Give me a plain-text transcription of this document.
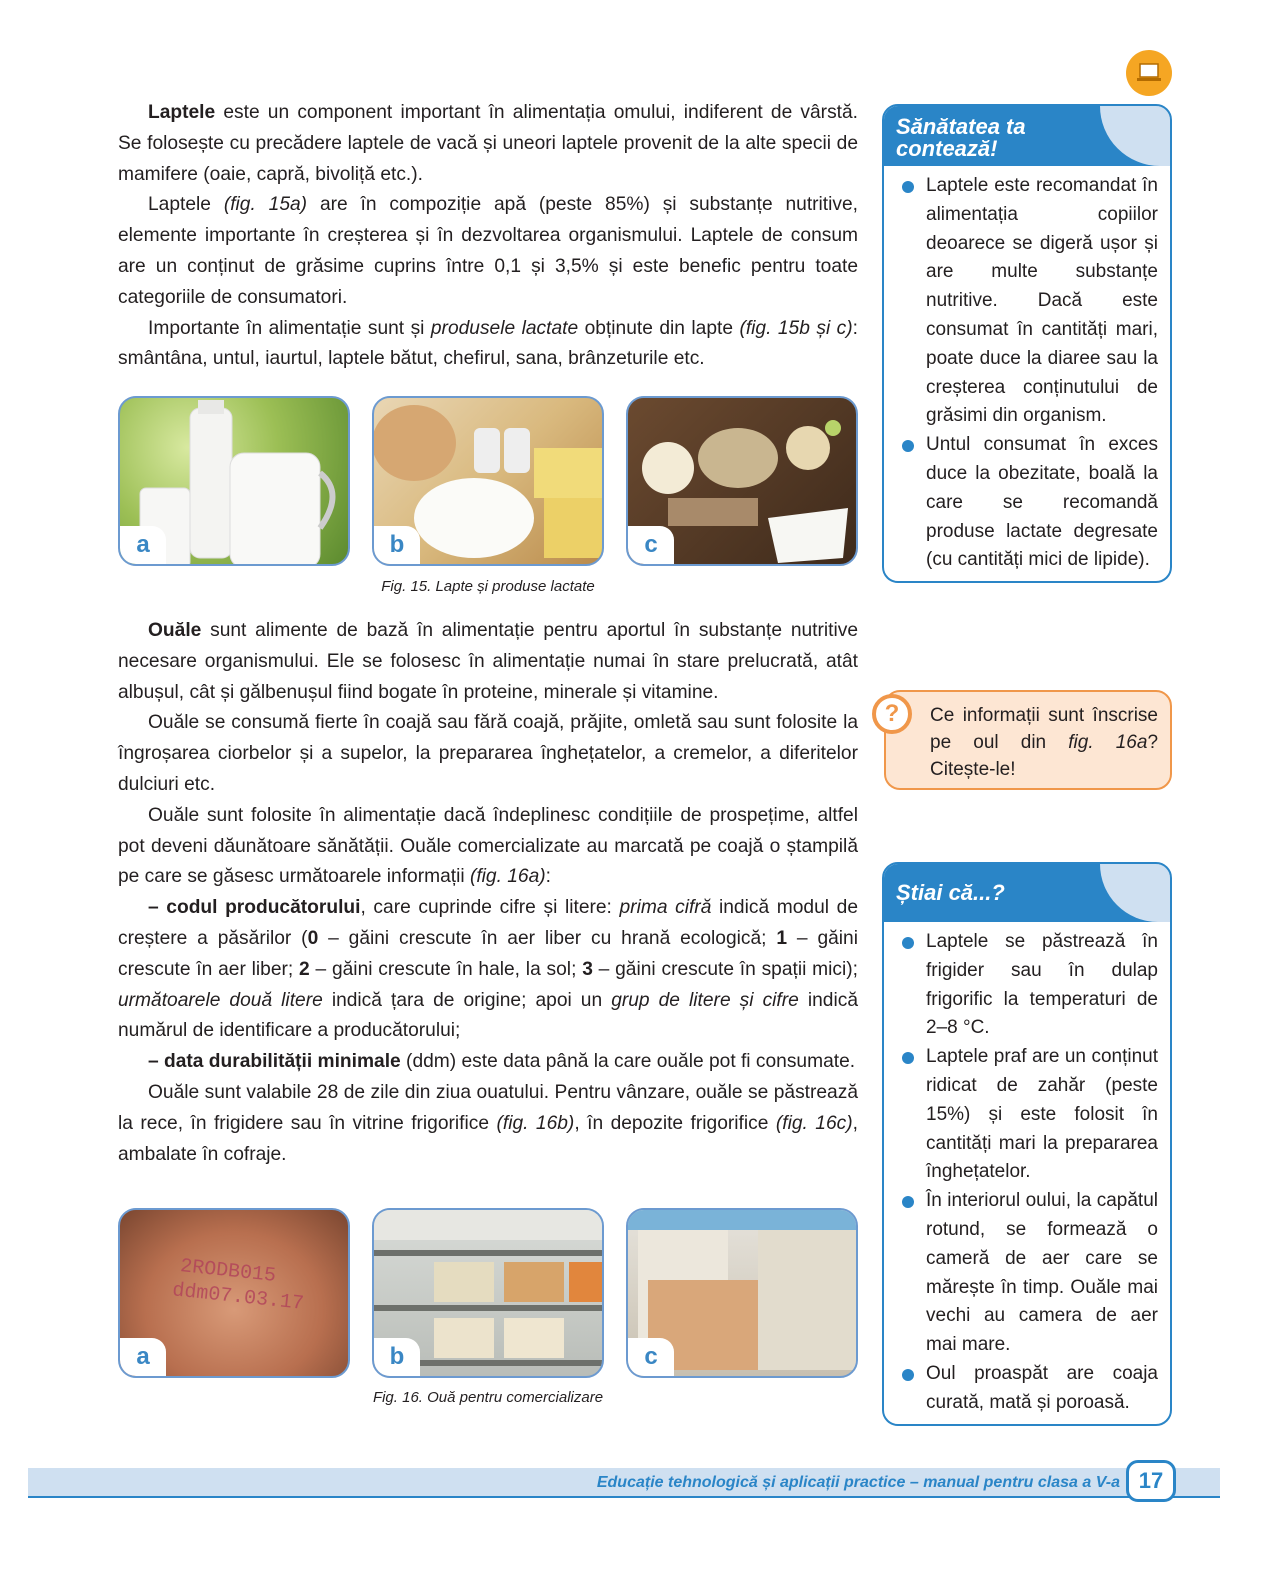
Laptele este un component important în alimentația omului, indiferent de vârstă. Se folosește cu precădere laptele de vacă și uneori laptele provenit de la alte specii de mamifere (oaie, capră, bivoliță etc.).

Laptele (fig. 15a) are în compoziție apă (peste 85%) și substanțe nutritive, elemente importante în creșterea și în dezvoltarea organismului. Laptele de consum are un conținut de grăsime cuprins între 0,1 și 3,5% și este benefic pentru toate categoriile de consumatori.

Importante în alimentație sunt și produsele lactate obținute din lapte (fig. 15b și c): smântâna, untul, iaurtul, laptele bătut, chefirul, sana, brânzeturile etc.

a	b	c
Fig. 15. Lapte și produse lactate

Ouăle sunt alimente de bază în alimentație pentru aportul în substanțe nutritive necesare organismului. Ele se folosesc în alimentație numai în stare prelucrată, atât albușul, cât și gălbenușul fiind bogate în proteine, minerale și vitamine.

Ouăle se consumă fierte în coajă sau fără coajă, prăjite, omletă sau sunt folosite la îngroșarea ciorbelor și a supelor, la prepararea înghețatelor, a cremelor, a diferitelor dulciuri etc.

Ouăle sunt folosite în alimentație dacă îndeplinesc condițiile de prospețime, altfel pot deveni dăunătoare sănătății. Ouăle comercializate au marcată pe coajă o ștampilă pe care se găsesc următoarele informații (fig. 16a):

– codul producătorului, care cuprinde cifre și litere: prima cifră indică modul de creștere a păsărilor (0 – găini crescute în aer liber cu hrană ecologică; 1 – găini crescute în aer liber; 2 – găini crescute în hale, la sol; 3 – găini crescute în spații mici); următoarele două litere indică țara de origine; apoi un grup de litere și cifre indică numărul de identificare a producătorului;

– data durabilității minimale (ddm) este data până la care ouăle pot fi consumate.

Ouăle sunt valabile 28 de zile din ziua ouatului. Pentru vânzare, ouăle se păstrează la rece, în frigidere sau în vitrine frigorifice (fig. 16b), în depozite frigorifice (fig. 16c), ambalate în cofraje.

2RODB015
ddm07.03.17
a	b	c
Fig. 16. Ouă pentru comercializare
Sănătatea ta contează!
Laptele este recomandat în alimentația copiilor deoarece se digeră ușor și are multe substanțe nutritive. Dacă este consumat în cantități mari, poate duce la diaree sau la creșterea conținutului de grăsimi din organism.
Untul consumat în exces duce la obezitate, boală la care se recomandă produse lactate degresate (cu cantități mici de lipide).
?	Ce informații sunt înscrise pe oul din fig. 16a? Citește-le!
Știai că...?
Laptele se păstrează în frigider sau în dulap frigorific la temperaturi de 2–8 °C.
Laptele praf are un conținut ridicat de zahăr (peste 15%) și este folosit în cantități mari la prepararea înghețatelor.
În interiorul oului, la capătul rotund, se formează o cameră de aer care se mărește în timp. Ouăle mai vechi au camera de aer mai mare.
Oul proaspăt are coaja curată, mată și poroasă.
Educație tehnologică și aplicații practice – manual pentru clasa a V-a 17
